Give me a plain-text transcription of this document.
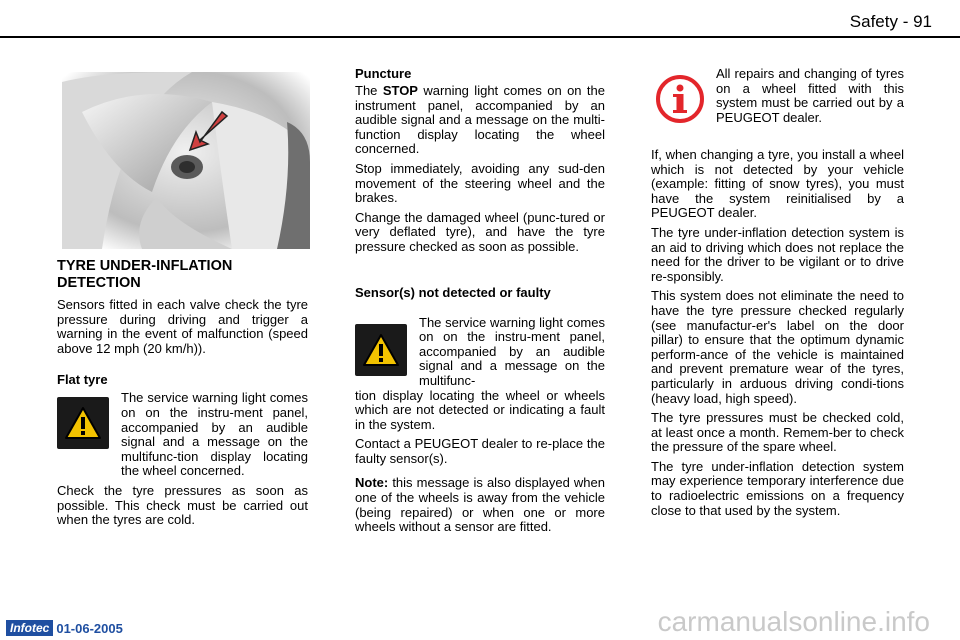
Safety - 91

TYRE UNDER-INFLATION DETECTION

Sensors fitted in each valve check the tyre pressure during driving and trigger a warning in the event of malfunction (speed above 12 mph (20 km/h)).

Flat tyre

The service warning light comes on on the instru-ment panel, accompanied by an audible signal and a message on the multifunc-tion display locating the wheel concerned.

Check the tyre pressures as soon as possible. This check must be carried out when the tyres are cold.

Puncture

The STOP warning light comes on on the instrument panel, accompanied by an audible signal and a message on the multi-function display locating the wheel concerned.

Stop immediately, avoiding any sud-den movement of the steering wheel and the brakes.

Change the damaged wheel (punc-tured or very deflated tyre), and have the tyre pressure checked as soon as possible.

Sensor(s) not detected or faulty

The service warning light comes on on the instru-ment panel, accompanied by an audible signal and a message on the multifunc-

tion display locating the wheel or wheels which are not detected or indicating a fault in the system.

Contact a PEUGEOT dealer to re-place the faulty sensor(s).

Note: this message is also displayed when one of the wheels is away from the vehicle (being repaired) or when one or more wheels without a sensor are fitted.

All repairs and changing of tyres on a wheel fitted with this system must be carried out by a PEUGEOT dealer.

If, when changing a tyre, you install a wheel which is not detected by your vehicle (example: fitting of snow tyres), you must have the system reinitialised by a PEUGEOT dealer.

The tyre under-inflation detection system is an aid to driving which does not replace the need for the driver to be vigilant or to drive re-sponsibly.

This system does not eliminate the need to have the tyre pressure checked regularly (see manufactur-er's label on the door pillar) to ensure that the optimum dynamic perform-ance of the vehicle is maintained and prevent premature wear of the tyres, particularly in arduous driving condi-tions (heavy load, high speed).

The tyre pressures must be checked cold, at least once a month. Remem-ber to check the pressure of the spare wheel.

The tyre under-inflation detection system may experience temporary interference due to radioelectric emissions on a frequency close to that used by the system.

Infotec 01-06-2005	carmanualsonline.info
